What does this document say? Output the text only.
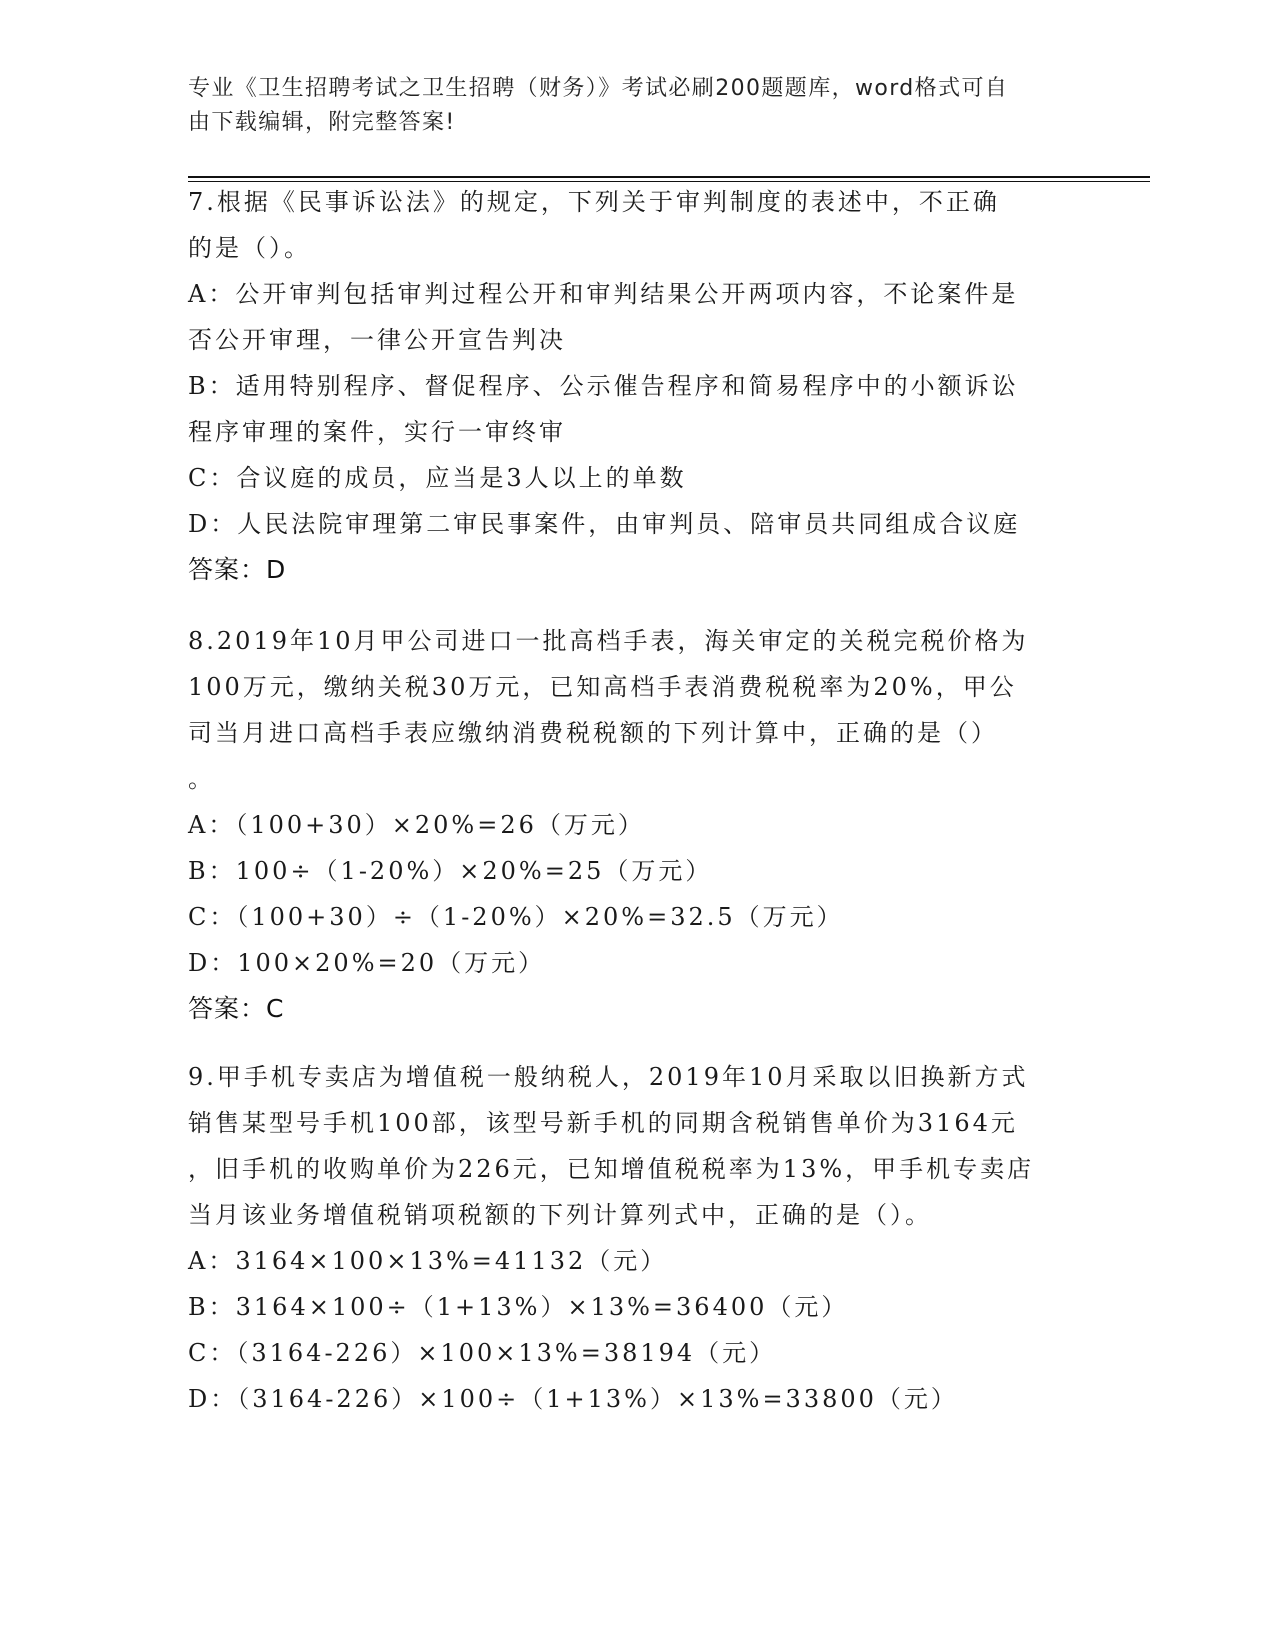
专业《卫生招聘考试之卫生招聘（财务）》考试必刷200题题库，word格式可自
由下载编辑，附完整答案!
7.根据《民事诉讼法》的规定，下列关于审判制度的表述中，不正确
的是（）。
A：公开审判包括审判过程公开和审判结果公开两项内容，不论案件是
否公开审理，一律公开宣告判决
B：适用特别程序、督促程序、公示催告程序和简易程序中的小额诉讼
程序审理的案件，实行一审终审
C：合议庭的成员，应当是3人以上的单数
D：人民法院审理第二审民事案件，由审判员、陪审员共同组成合议庭
答案：D
8.2019年10月甲公司进口一批高档手表，海关审定的关税完税价格为
100万元，缴纳关税30万元，已知高档手表消费税税率为20%，甲公
司当月进口高档手表应缴纳消费税税额的下列计算中，正确的是（）
。
A：（100+30）×20%=26（万元）
B：100÷（1-20%）×20%=25（万元）
C：（100+30）÷（1-20%）×20%=32.5（万元）
D：100×20%=20（万元）
答案：C
9.甲手机专卖店为增值税一般纳税人，2019年10月采取以旧换新方式
销售某型号手机100部，该型号新手机的同期含税销售单价为3164元
，旧手机的收购单价为226元，已知增值税税率为13%，甲手机专卖店
当月该业务增值税销项税额的下列计算列式中，正确的是（）。
A：3164×100×13%=41132（元）
B：3164×100÷（1+13%）×13%=36400（元）
C：（3164-226）×100×13%=38194（元）
D：（3164-226）×100÷（1+13%）×13%=33800（元）
